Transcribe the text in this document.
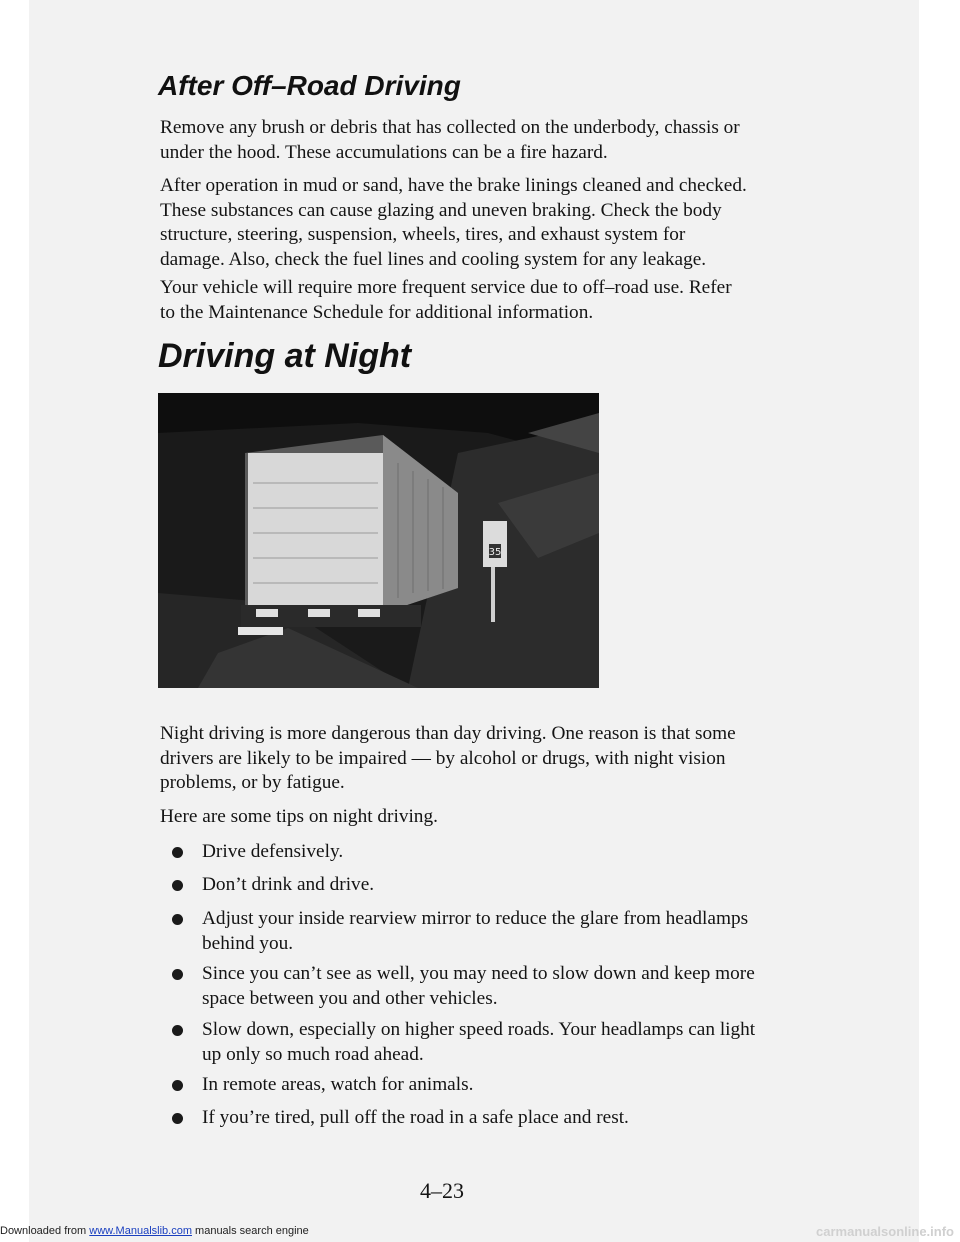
After Off–Road Driving

Remove any brush or debris that has collected on the underbody, chassis or
under the hood. These accumulations can be a fire hazard.

After operation in mud or sand, have the brake linings cleaned and checked.
These substances can cause glazing and uneven braking. Check the body
structure, steering, suspension, wheels, tires, and exhaust system for
damage. Also, check the fuel lines and cooling system for any leakage.

Your vehicle will require more frequent service due to off–road use. Refer
to the Maintenance Schedule for additional information.

Driving at Night
35

Night driving is more dangerous than day driving. One reason is that some
drivers are likely to be impaired — by alcohol or drugs, with night vision
problems, or by fatigue.

Here are some tips on night driving.

Drive defensively.
Don’t drink and drive.
Adjust your inside rearview mirror to reduce the glare from headlamps
behind you.
Since you can’t see as well, you may need to slow down and keep more
space between you and other vehicles.
Slow down, especially on higher speed roads. Your headlamps can light
up only so much road ahead.
In remote areas, watch for animals.
If you’re tired, pull off the road in a safe place and rest.

4–23

Downloaded from www.Manualslib.com manuals search engine	carmanualsonline.info
